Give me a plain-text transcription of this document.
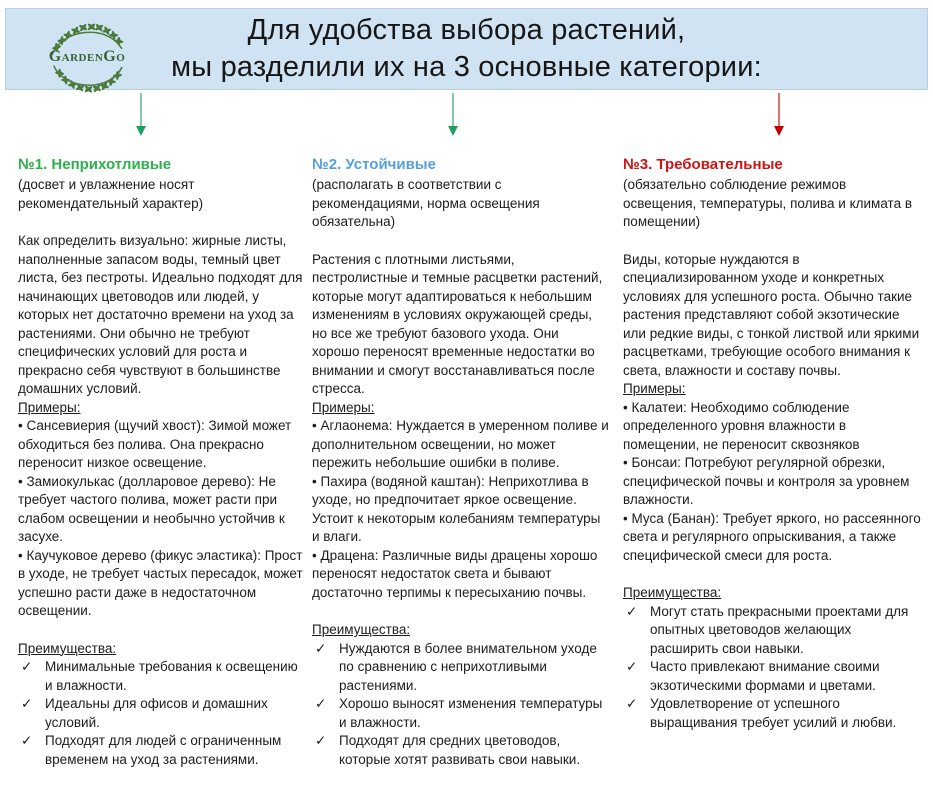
Для удобства выбора растений,
мы разделили их на 3 основные категории:
GardenGo
№1. Неприхотливые

(досвет и увлажнение носят рекомендательный характер)

Как определить визуально: жирные листы, наполненные запасом воды, темный цвет листа, без пестроты. Идеально подходят для начинающих цветоводов или людей, у которых нет достаточно времени на уход за растениями. Они обычно не требуют специфических условий для роста и прекрасно себя чувствуют в большинстве домашних условий.

Примеры:

• Сансевиерия (щучий хвост): Зимой может обходиться без полива. Она прекрасно переносит низкое освещение.

• Замиокулькас (долларовое дерево): Не требует частого полива, может расти при слабом освещении и необычно устойчив к засухе.

• Каучуковое дерево (фикус эластика): Прост в уходе, не требует частых пересадок, может успешно расти даже в недостаточном освещении.

Преимущества:

✓ Минимальные требования к освещению и влажности.

✓ Идеальны для офисов и домашних условий.

✓ Подходят для людей с ограниченным временем на уход за растениями.

№2. Устойчивые

(располагать в соответствии с рекомендациями, норма освещения обязательна)

Растения с плотными листьями, пестролистные и темные расцветки растений, которые могут адаптироваться к небольшим изменениям в условиях окружающей среды, но все же требуют базового ухода. Они хорошо переносят временные недостатки во внимании и смогут восстанавливаться после стресса.

Примеры:

• Аглаонема: Нуждается в умеренном поливе и дополнительном освещении, но может пережить небольшие ошибки в поливе.

• Пахира (водяной каштан): Неприхотлива в уходе, но предпочитает яркое освещение. Устоит к некоторым колебаниям температуры и влаги.

• Драцена: Различные виды драцены хорошо переносят недостаток света и бывают достаточно терпимы к пересыханию почвы.

Преимущества:

✓ Нуждаются в более внимательном уходе по сравнению с неприхотливыми растениями.

✓ Хорошо выносят изменения температуры и влажности.

✓ Подходят для средних цветоводов, которые хотят развивать свои навыки.

№3. Требовательные

(обязательно соблюдение режимов освещения, температуры, полива и климата в помещении)

Виды, которые нуждаются в специализированном уходе и конкретных условиях для успешного роста. Обычно такие растения представляют собой экзотические или редкие виды, с тонкой листвой или яркими расцветками, требующие особого внимания к света, влажности и составу почвы.

Примеры:

• Калатеи: Необходимо соблюдение определенного уровня влажности в помещении, не переносит сквозняков

• Бонсаи: Потребуют регулярной обрезки, специфической почвы и контроля за уровнем влажности.

• Муса (Банан): Требует яркого, но рассеянного света и регулярного опрыскивания, а также специфической смеси для роста.

Преимущества:

✓ Могут стать прекрасными проектами для опытных цветоводов желающих расширить свои навыки.

✓ Часто привлекают внимание своими экзотическими формами и цветами.

✓ Удовлетворение от успешного выращивания требует усилий и любви.
